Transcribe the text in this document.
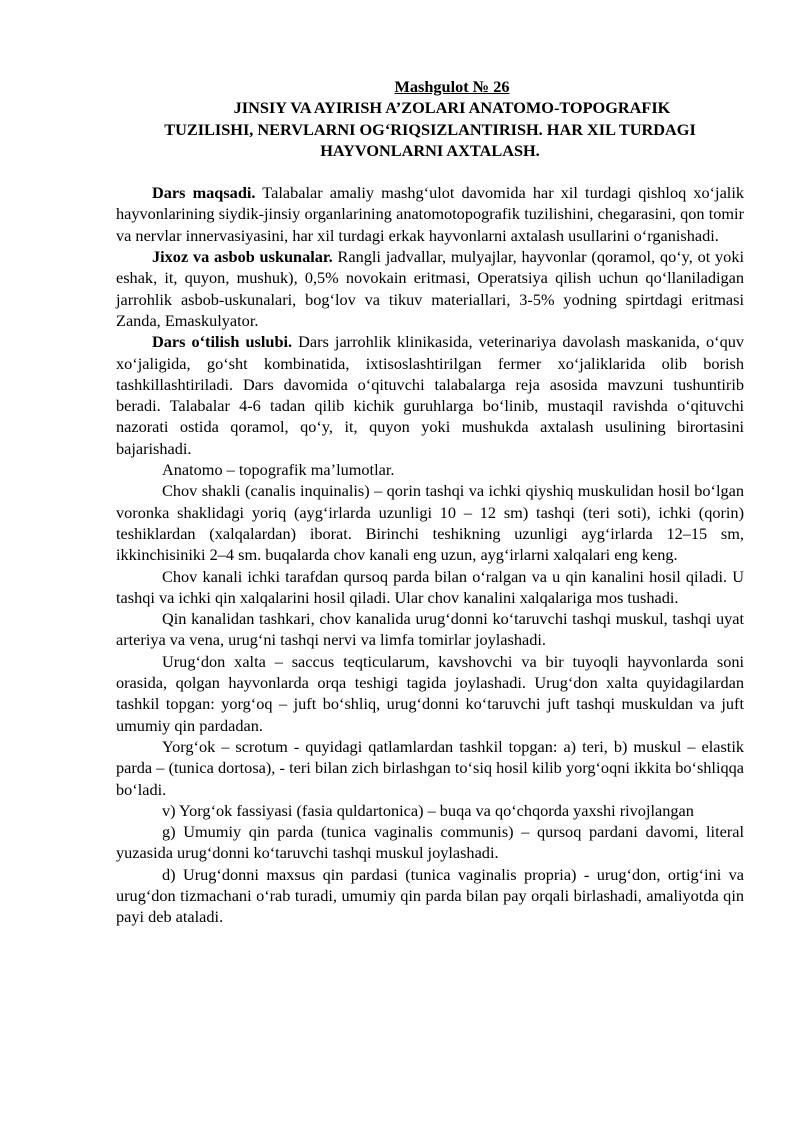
Mashgulot № 26
JINSIY VA AYIRISH A’ZOLARI ANATOMO-TOPOGRAFIK
TUZILISHI, NERVLARNI OG‘RIQSIZLANTIRISH. HAR XIL TURDAGI
HAYVONLARNI AXTALASH.

Dars maqsadi. Talabalar amaliy mashg‘ulot davomida har xil turdagi qishloq xo‘jalik hayvonlarining siydik-jinsiy organlarining anatomotopografik tuzilishini, chegarasini, qon tomir va nervlar innervasiyasini, har xil turdagi erkak hayvonlarni axtalash usullarini o‘rganishadi.

Jixoz va asbob uskunalar. Rangli jadvallar, mulyajlar, hayvonlar (qoramol, qo‘y, ot yoki eshak, it, quyon, mushuk), 0,5% novokain eritmasi, Operatsiya qilish uchun qo‘llaniladigan jarrohlik asbob-uskunalari, bog‘lov va tikuv materiallari, 3-5% yodning spirtdagi eritmasi Zanda, Emaskulyator.

Dars o‘tilish uslubi. Dars jarrohlik klinikasida, veterinariya davolash maskanida, o‘quv xo‘jaligida, go‘sht kombinatida, ixtisoslashtirilgan fermer xo‘jaliklarida olib borish tashkillashtiriladi. Dars davomida o‘qituvchi talabalarga reja asosida mavzuni tushuntirib beradi. Talabalar 4-6 tadan qilib kichik guruhlarga bo‘linib, mustaqil ravishda o‘qituvchi nazorati ostida qoramol, qo‘y, it, quyon yoki mushukda axtalash usulining birortasini bajarishadi.

Anatomo – topografik ma’lumotlar.

Chov shakli (canalis inquinalis) – qorin tashqi va ichki qiyshiq muskulidan hosil bo‘lgan voronka shaklidagi yoriq (ayg‘irlarda uzunligi 10 – 12 sm) tashqi (teri soti), ichki (qorin) teshiklardan (xalqalardan) iborat. Birinchi teshikning uzunligi ayg‘irlarda 12–15 sm, ikkinchisiniki 2–4 sm. buqalarda chov kanali eng uzun, ayg‘irlarni xalqalari eng keng.

Chov kanali ichki tarafdan qursoq parda bilan o‘ralgan va u qin kanalini hosil qiladi. U tashqi va ichki qin xalqalarini hosil qiladi. Ular chov kanalini xalqalariga mos tushadi.

Qin kanalidan tashkari, chov kanalida urug‘donni ko‘taruvchi tashqi muskul, tashqi uyat arteriya va vena, urug‘ni tashqi nervi va limfa tomirlar joylashadi.

Urug‘don xalta – saccus teqticularum, kavshovchi va bir tuyoqli hayvonlarda soni orasida, qolgan hayvonlarda orqa teshigi tagida joylashadi. Urug‘don xalta quyidagilardan tashkil topgan: yorg‘oq – juft bo‘shliq, urug‘donni ko‘taruvchi juft tashqi muskuldan va juft umumiy qin pardadan.

Yorg‘ok – scrotum - quyidagi qatlamlardan tashkil topgan: a) teri, b) muskul – elastik parda – (tunica dortosa), - teri bilan zich birlashgan to‘siq hosil kilib yorg‘oqni ikkita bo‘shliqqa bo‘ladi.

v) Yorg‘ok fassiyasi (fasia quldartonica) – buqa va qo‘chqorda yaxshi rivojlangan

g) Umumiy qin parda (tunica vaginalis communis) – qursoq pardani davomi, literal yuzasida urug‘donni ko‘taruvchi tashqi muskul joylashadi.

d) Urug‘donni maxsus qin pardasi (tunica vaginalis propria) - urug‘don, ortig‘ini va urug‘don tizmachani o‘rab turadi, umumiy qin parda bilan pay orqali birlashadi, amaliyotda qin payi deb ataladi.
